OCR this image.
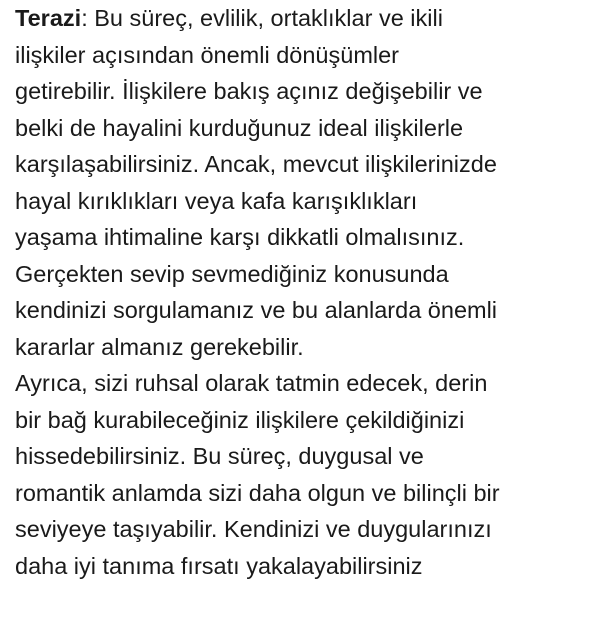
Terazi: Bu süreç, evlilik, ortaklıklar ve ikili
ilişkiler açısından önemli dönüşümler
getirebilir. İlişkilere bakış açınız değişebilir ve
belki de hayalini kurduğunuz ideal ilişkilerle
karşılaşabilirsiniz. Ancak, mevcut ilişkilerinizde
hayal kırıklıkları veya kafa karışıklıkları
yaşama ihtimaline karşı dikkatli olmalısınız.
Gerçekten sevip sevmediğiniz konusunda
kendinizi sorgulamanız ve bu alanlarda önemli
kararlar almanız gerekebilir.
Ayrıca, sizi ruhsal olarak tatmin edecek, derin
bir bağ kurabileceğiniz ilişkilere çekildiğinizi
hissedebilirsiniz. Bu süreç, duygusal ve
romantik anlamda sizi daha olgun ve bilinçli bir
seviyeye taşıyabilir. Kendinizi ve duygularınızı
daha iyi tanıma fırsatı yakalayabilirsiniz
